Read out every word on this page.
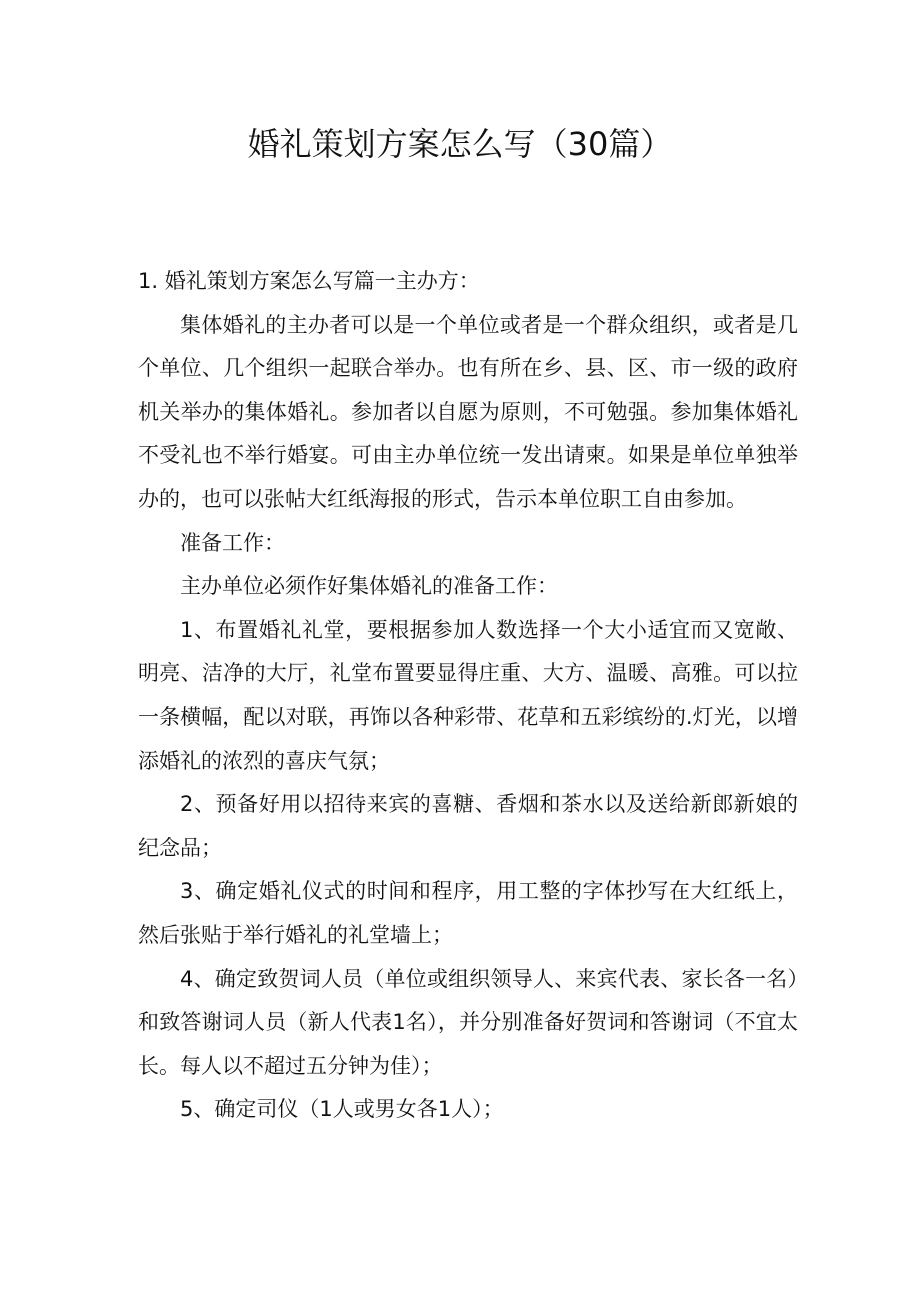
婚礼策划方案怎么写（30篇）

1. 婚礼策划方案怎么写篇一主办方：

集体婚礼的主办者可以是一个单位或者是一个群众组织，或者是几个单位、几个组织一起联合举办。也有所在乡、县、区、市一级的政府机关举办的集体婚礼。参加者以自愿为原则，不可勉强。参加集体婚礼不受礼也不举行婚宴。可由主办单位统一发出请柬。如果是单位单独举办的，也可以张帖大红纸海报的形式，告示本单位职工自由参加。

准备工作：

主办单位必须作好集体婚礼的准备工作：

1、布置婚礼礼堂，要根据参加人数选择一个大小适宜而又宽敞、明亮、洁净的大厅，礼堂布置要显得庄重、大方、温暖、高雅。可以拉一条横幅，配以对联，再饰以各种彩带、花草和五彩缤纷的.灯光，以增添婚礼的浓烈的喜庆气氛；

2、预备好用以招待来宾的喜糖、香烟和茶水以及送给新郎新娘的纪念品；

3、确定婚礼仪式的时间和程序，用工整的字体抄写在大红纸上，然后张贴于举行婚礼的礼堂墙上；

4、确定致贺词人员（单位或组织领导人、来宾代表、家长各一名）和致答谢词人员（新人代表1名），并分别准备好贺词和答谢词（不宜太长。每人以不超过五分钟为佳）；

5、确定司仪（1人或男女各1人）；
